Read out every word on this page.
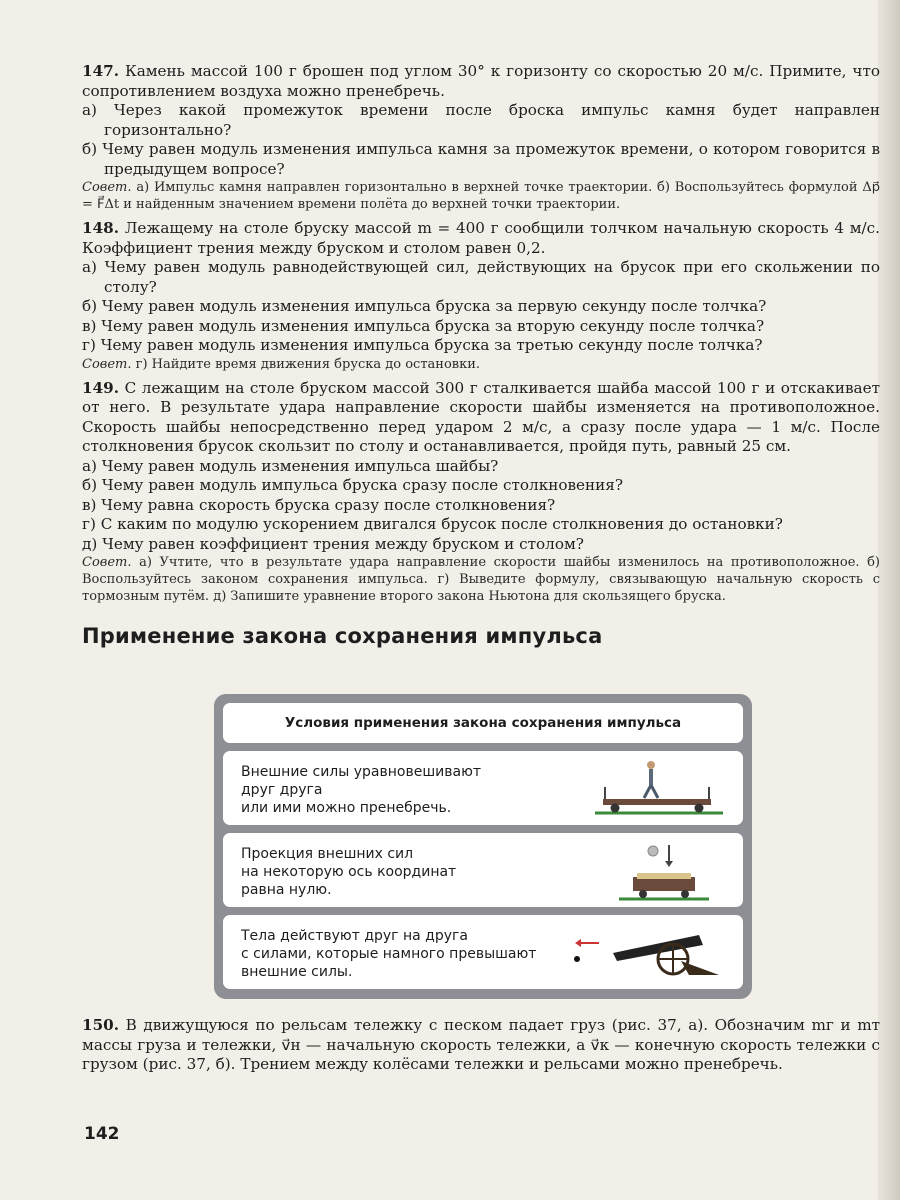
147. Камень массой 100 г брошен под углом 30° к горизонту со скоростью 20 м/с. Примите, что сопротивлением воздуха можно пренебречь.

а) Через какой промежуток времени после броска импульс камня будет направлен горизонтально?

б) Чему равен модуль изменения импульса камня за промежуток времени, о котором говорится в предыдущем вопросе?

Совет. а) Импульс камня направлен горизонтально в верхней точке траектории. б) Воспользуйтесь формулой Δp⃗ = F⃗Δt и найденным значением времени полёта до верхней точки траектории.

148. Лежащему на столе бруску массой m = 400 г сообщили толчком начальную скорость 4 м/с. Коэффициент трения между бруском и столом равен 0,2.

а) Чему равен модуль равнодействующей сил, действующих на брусок при его скольжении по столу?

б) Чему равен модуль изменения импульса бруска за первую секунду после толчка?

в) Чему равен модуль изменения импульса бруска за вторую секунду после толчка?

г) Чему равен модуль изменения импульса бруска за третью секунду после толчка?

Совет. г) Найдите время движения бруска до остановки.

149. С лежащим на столе бруском массой 300 г сталкивается шайба массой 100 г и отскакивает от него. В результате удара направление скорости шайбы изменяется на противоположное. Скорость шайбы непосредственно перед ударом 2 м/с, а сразу после удара — 1 м/с. После столкновения брусок скользит по столу и останавливается, пройдя путь, равный 25 см.

а) Чему равен модуль изменения импульса шайбы?

б) Чему равен модуль импульса бруска сразу после столкновения?

в) Чему равна скорость бруска сразу после столкновения?

г) С каким по модулю ускорением двигался брусок после столкновения до остановки?

д) Чему равен коэффициент трения между бруском и столом?

Совет. а) Учтите, что в результате удара направление скорости шайбы изменилось на противоположное. б) Воспользуйтесь законом сохранения импульса. г) Выведите формулу, связывающую начальную скорость с тормозным путём. д) Запишите уравнение второго закона Ньютона для скользящего бруска.

Применение закона сохранения импульса
Условия применения закона сохранения импульса
Внешние силы уравновешивают
друг друга
или ими можно пренебречь.
Проекция внешних сил
на некоторую ось координат
равна нулю.
Тела действуют друг на друга
с силами, которые намного превышают
внешние силы.

150. В движущуюся по рельсам тележку с песком падает груз (рис. 37, а). Обозначим mг и mт массы груза и тележки, v⃗н — начальную скорость тележки, а v⃗к — конечную скорость тележки с грузом (рис. 37, б). Трением между колёсами тележки и рельсами можно пренебречь.

142
